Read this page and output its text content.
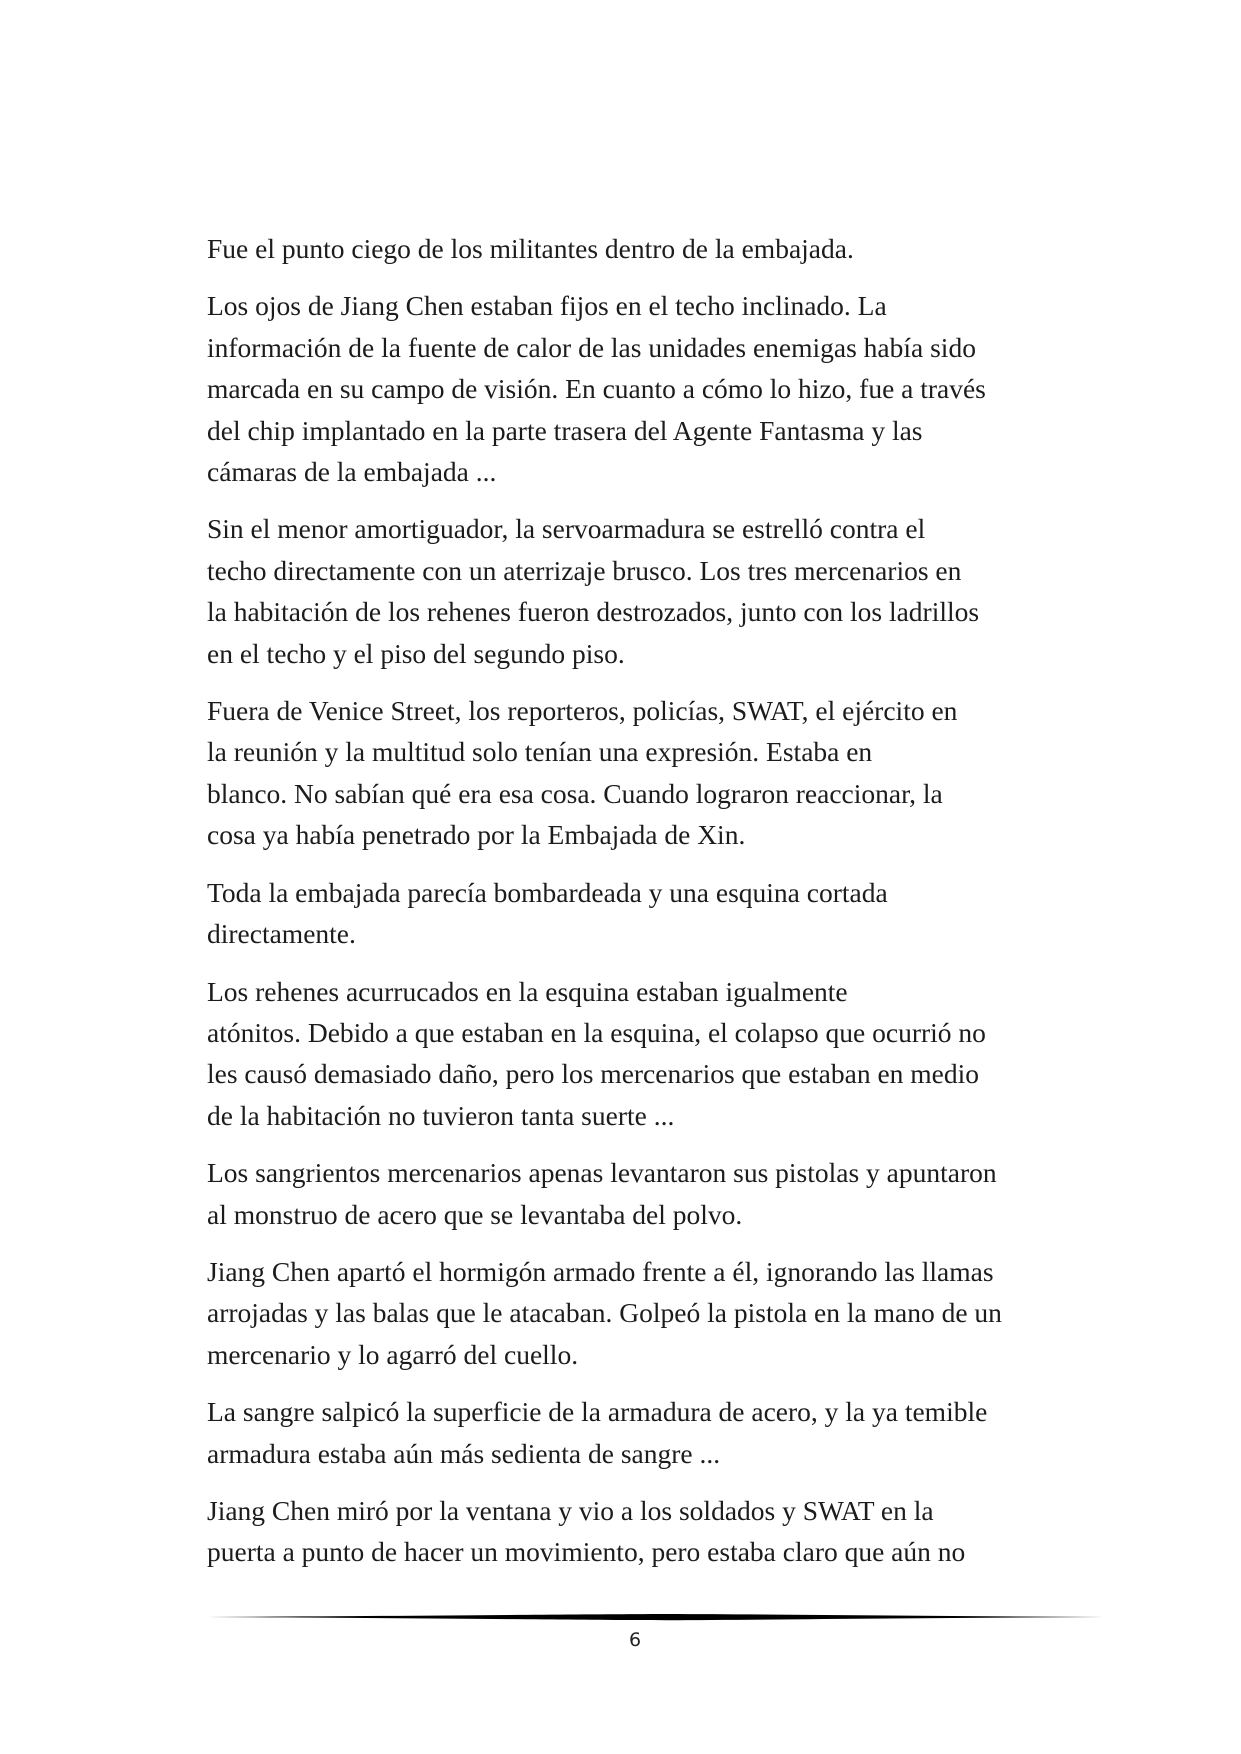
Fue el punto ciego de los militantes dentro de la embajada.

Los ojos de Jiang Chen estaban fijos en el techo inclinado. La
información de la fuente de calor de las unidades enemigas había sido
marcada en su campo de visión. En cuanto a cómo lo hizo, fue a través
del chip implantado en la parte trasera del Agente Fantasma y las
cámaras de la embajada ...

Sin el menor amortiguador, la servoarmadura se estrelló contra el
techo directamente con un aterrizaje brusco. Los tres mercenarios en
la habitación de los rehenes fueron destrozados, junto con los ladrillos
en el techo y el piso del segundo piso.

Fuera de Venice Street, los reporteros, policías, SWAT, el ejército en
la reunión y la multitud solo tenían una expresión. Estaba en
blanco. No sabían qué era esa cosa. Cuando lograron reaccionar, la
cosa ya había penetrado por la Embajada de Xin.

Toda la embajada parecía bombardeada y una esquina cortada
directamente.

Los rehenes acurrucados en la esquina estaban igualmente
atónitos. Debido a que estaban en la esquina, el colapso que ocurrió no
les causó demasiado daño, pero los mercenarios que estaban en medio
de la habitación no tuvieron tanta suerte ...

Los sangrientos mercenarios apenas levantaron sus pistolas y apuntaron
al monstruo de acero que se levantaba del polvo.

Jiang Chen apartó el hormigón armado frente a él, ignorando las llamas
arrojadas y las balas que le atacaban. Golpeó la pistola en la mano de un
mercenario y lo agarró del cuello.

La sangre salpicó la superficie de la armadura de acero, y la ya temible
armadura estaba aún más sedienta de sangre ...

Jiang Chen miró por la ventana y vio a los soldados y SWAT en la
puerta a punto de hacer un movimiento, pero estaba claro que aún no

6
